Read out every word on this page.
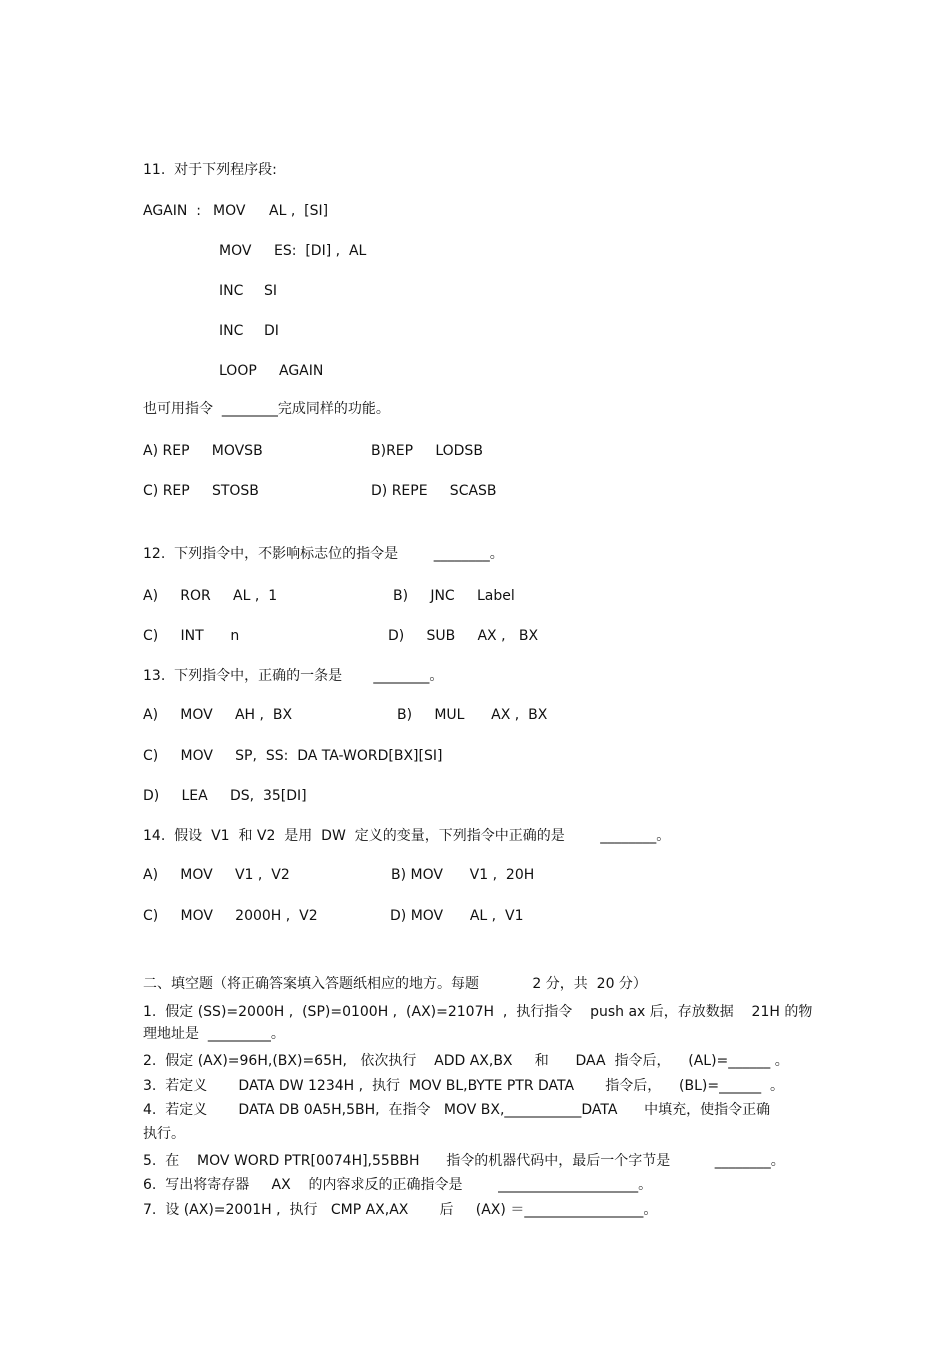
11.  对于下列程序段:

AGAIN  :

MOV

AL ,  [SI]

MOV

ES:  [DI] ,  AL

INC

SI

INC

DI

LOOP

AGAIN

也可用指令  ________完成同样的功能。
A) REP     MOVSB	B)REP     LODSB
C) REP     STOSB	D) REPE     SCASB
12.  下列指令中，不影响标志位的指令是        ________。
A)     ROR     AL ,  1	B)     JNC     Label
C)     INT      n	D)     SUB     AX ,   BX
13.  下列指令中，正确的一条是       ________。
A)     MOV     AH ,  BX	B)     MUL      AX ,  BX
C)     MOV     SP,  SS:  DA TA-WORD[BX][SI]
D)     LEA     DS,  35[DI]
14.  假设  V1  和 V2  是用  DW  定义的变量，下列指令中正确的是        ________。
A)     MOV     V1 ,  V2	B) MOV      V1 ,  20H
C)     MOV     2000H ,  V2	D) MOV      AL ,  V1
二、填空题（将正确答案填入答题纸相应的地方。每题            2 分，共  20 分）
1.  假定 (SS)=2000H ,  (SP)=0100H ,  (AX)=2107H  ,  执行指令    push ax 后，存放数据    21H 的物
理地址是  _________。
2.  假定 (AX)=96H,(BX)=65H,   依次执行    ADD AX,BX     和      DAA  指令后，    (AL)=______ 。
3.  若定义       DATA DW 1234H ,  执行  MOV BL,BYTE PTR DATA       指令后，    (BL)=______  。
4.  若定义       DATA DB 0A5H,5BH,  在指令   MOV BX,___________DATA      中填充，使指令正确
执行。
5.  在    MOV WORD PTR[0074H],55BBH      指令的机器代码中，最后一个字节是          ________。
6.  写出将寄存器     AX    的内容求反的正确指令是        ____________________。
7.  设 (AX)=2001H ,  执行   CMP AX,AX       后     (AX) ＝_________________。
